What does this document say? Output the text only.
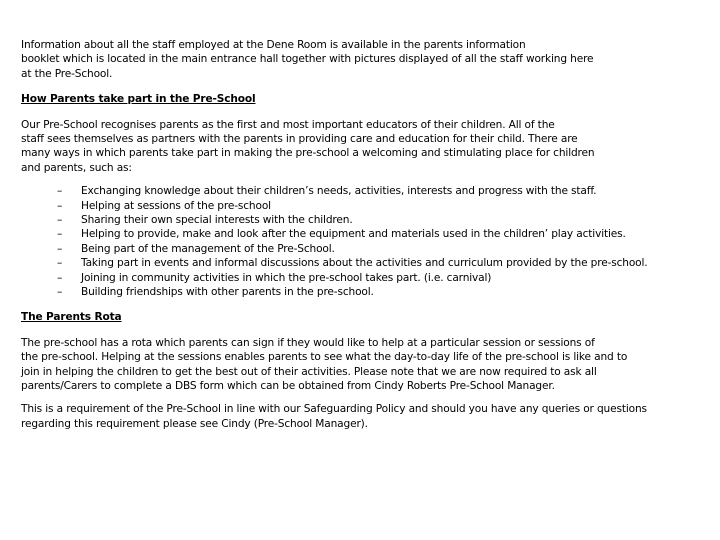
Information about all the staff employed at the Dene Room is available in the parents information
booklet which is located in the main entrance hall together with pictures displayed of all the staff working here
at the Pre-School.

How Parents take part in the Pre-School

Our Pre-School recognises parents as the first and most important educators of their children. All of the
staff sees themselves as partners with the parents in providing care and education for their child. There are
many ways in which parents take part in making the pre-school a welcoming and stimulating place for children
and parents, such as:

– Exchanging knowledge about their children’s needs, activities, interests and progress with the staff.
– Helping at sessions of the pre-school
– Sharing their own special interests with the children.
– Helping to provide, make and look after the equipment and materials used in the children’ play activities.
– Being part of the management of the Pre-School.
– Taking part in events and informal discussions about the activities and curriculum provided by the pre-school.
– Joining in community activities in which the pre-school takes part. (i.e. carnival)
– Building friendships with other parents in the pre-school.

The Parents Rota

The pre-school has a rota which parents can sign if they would like to help at a particular session or sessions of
the pre-school. Helping at the sessions enables parents to see what the day-to-day life of the pre-school is like and to
join in helping the children to get the best out of their activities. Please note that we are now required to ask all
parents/Carers to complete a DBS form which can be obtained from Cindy Roberts Pre-School Manager.

This is a requirement of the Pre-School in line with our Safeguarding Policy and should you have any queries or questions
regarding this requirement please see Cindy (Pre-School Manager).
